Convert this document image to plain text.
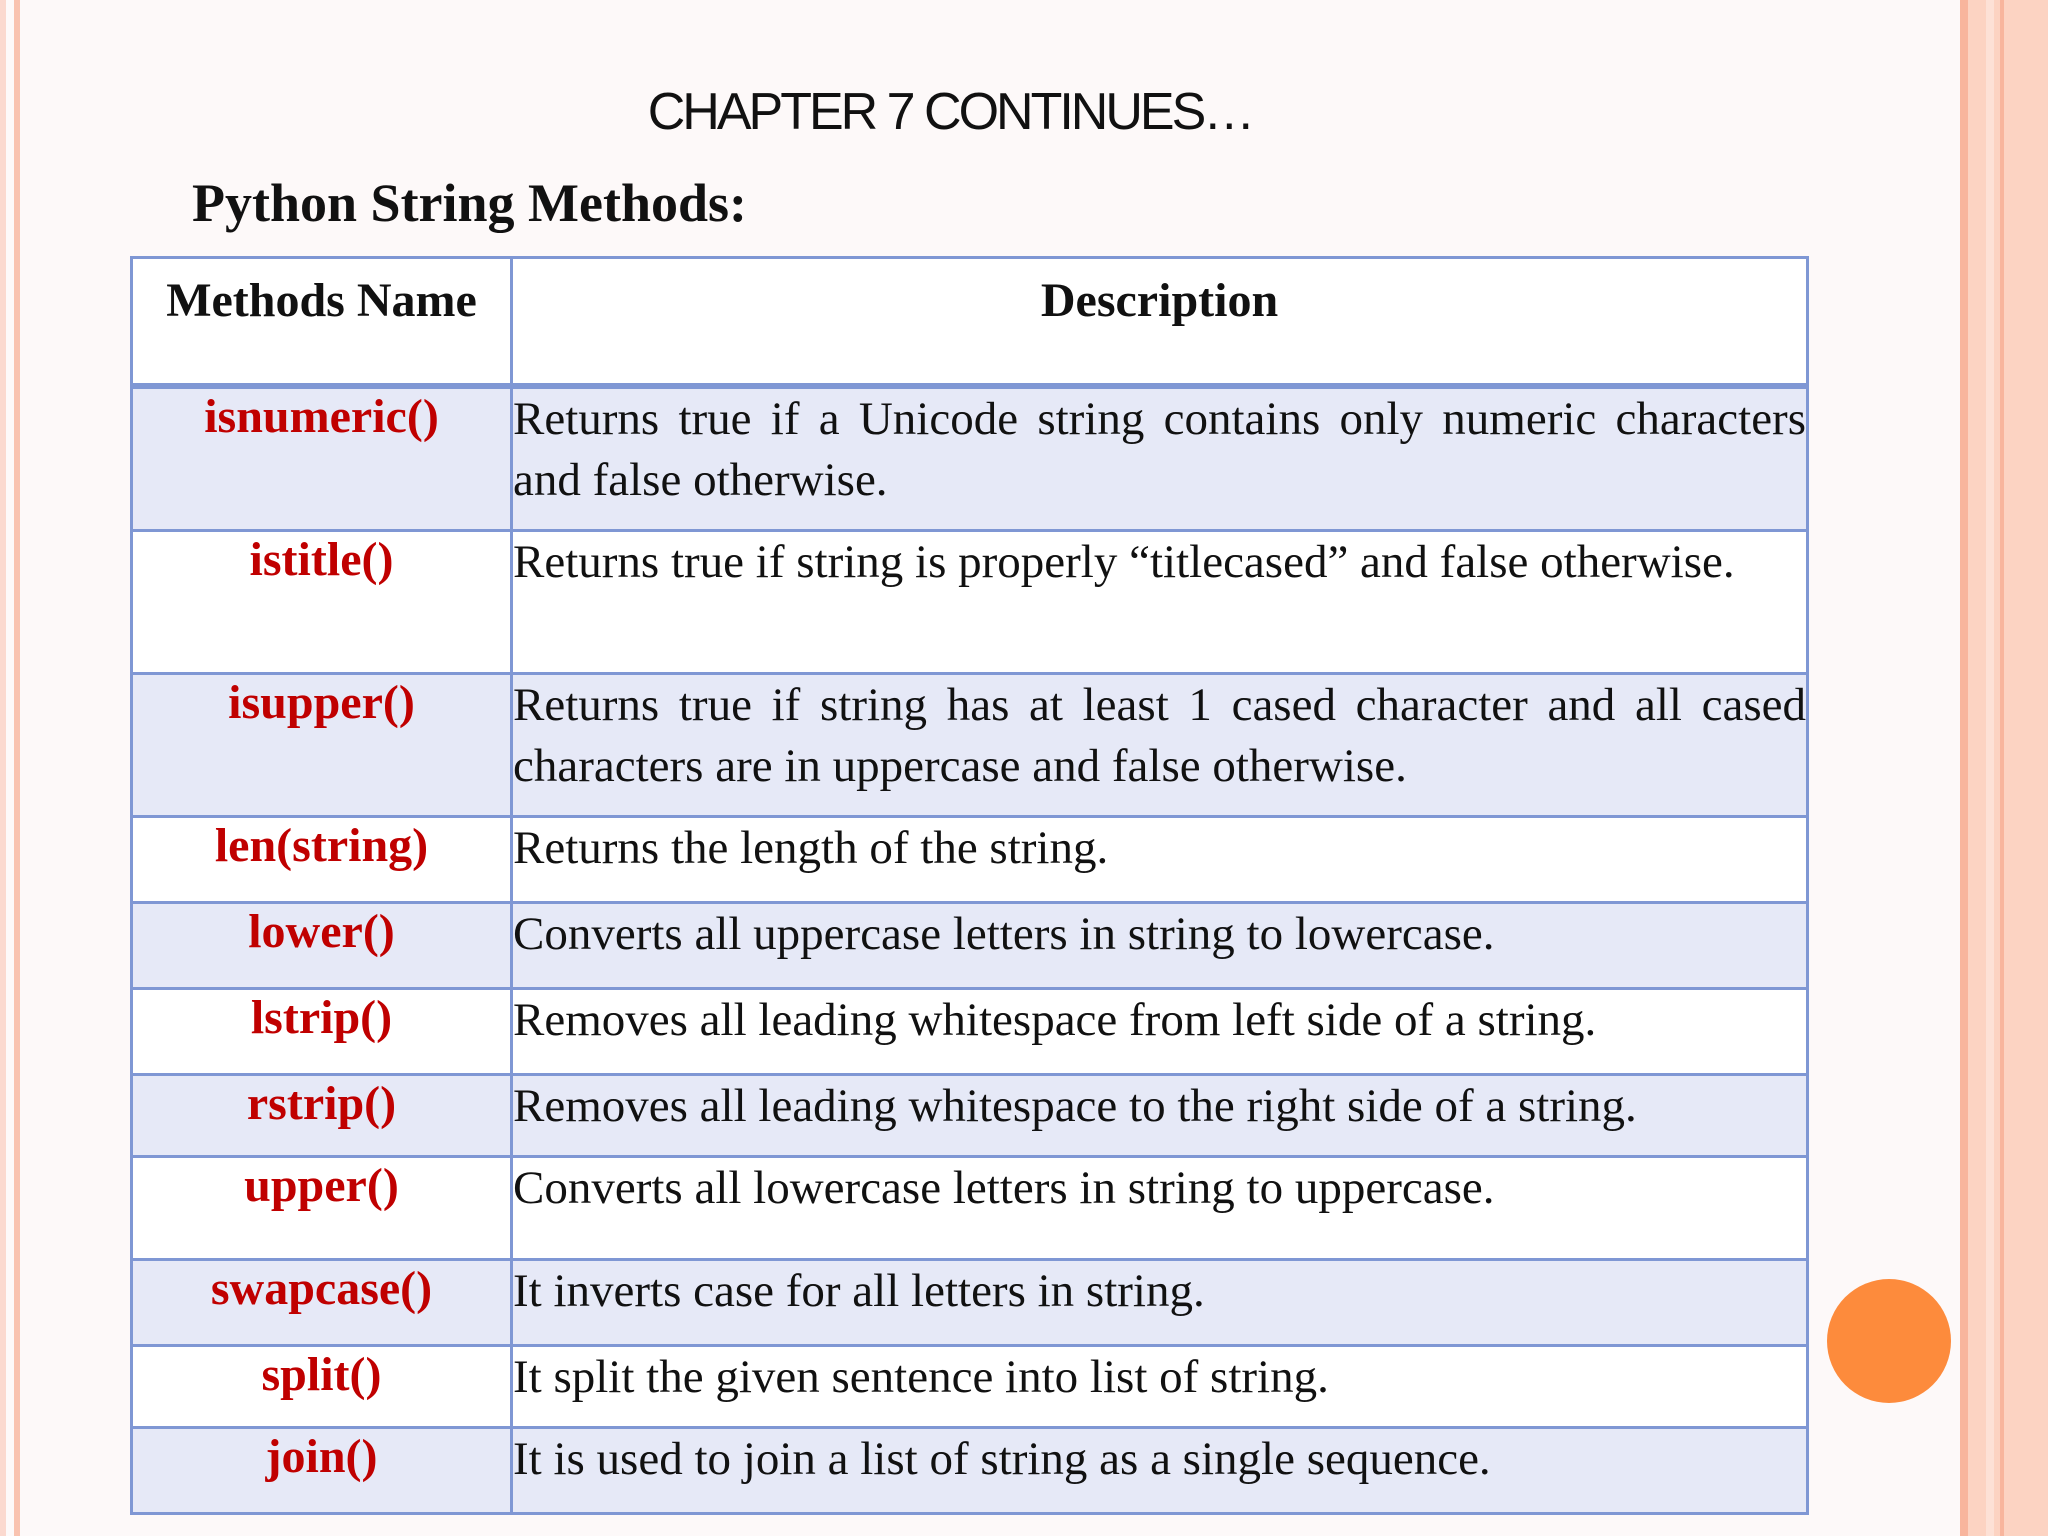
CHAPTER 7 CONTINUES…
Python String Methods:
Methods Name	Description
isnumeric()	Returns true if a Unicode string contains only numeric characters and false otherwise.
istitle()	Returns true if string is properly “titlecased” and false otherwise.
isupper()	Returns true if string has at least 1 cased character and all cased characters are in uppercase and false otherwise.
len(string)	Returns the length of the string.
lower()	Converts all uppercase letters in string to lowercase.
lstrip()	Removes all leading whitespace from left side of a string.
rstrip()	Removes all leading whitespace to the right side of a string.
upper()	Converts all lowercase letters in string to uppercase.
swapcase()	It inverts case for all letters in string.
split()	It split the given sentence into list of string.
join()	It is used to join a list of string as a single sequence.
